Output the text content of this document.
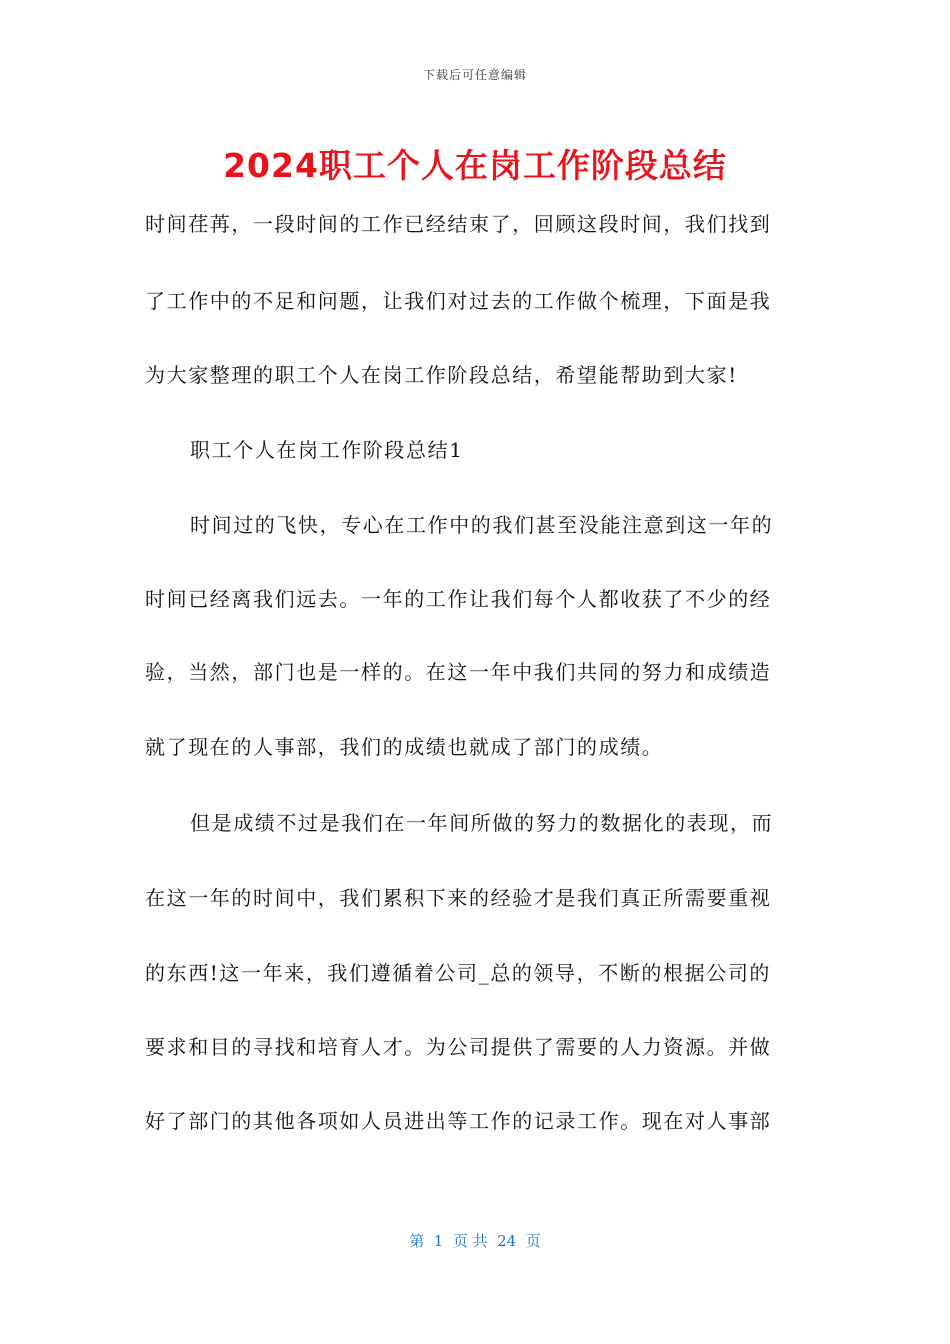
下载后可任意编辑
2024职工个人在岗工作阶段总结
时间荏苒，一段时间的工作已经结束了，回顾这段时间，我们找到
了工作中的不足和问题，让我们对过去的工作做个梳理，下面是我
为大家整理的职工个人在岗工作阶段总结，希望能帮助到大家!
职工个人在岗工作阶段总结1
时间过的飞快，专心在工作中的我们甚至没能注意到这一年的
时间已经离我们远去。一年的工作让我们每个人都收获了不少的经
验，当然，部门也是一样的。在这一年中我们共同的努力和成绩造
就了现在的人事部，我们的成绩也就成了部门的成绩。
但是成绩不过是我们在一年间所做的努力的数据化的表现，而
在这一年的时间中，我们累积下来的经验才是我们真正所需要重视
的东西!这一年来，我们遵循着公司_总的领导，不断的根据公司的
要求和目的寻找和培育人才。为公司提供了需要的人力资源。并做
好了部门的其他各项如人员进出等工作的记录工作。现在对人事部
第  1  页 共  24  页
